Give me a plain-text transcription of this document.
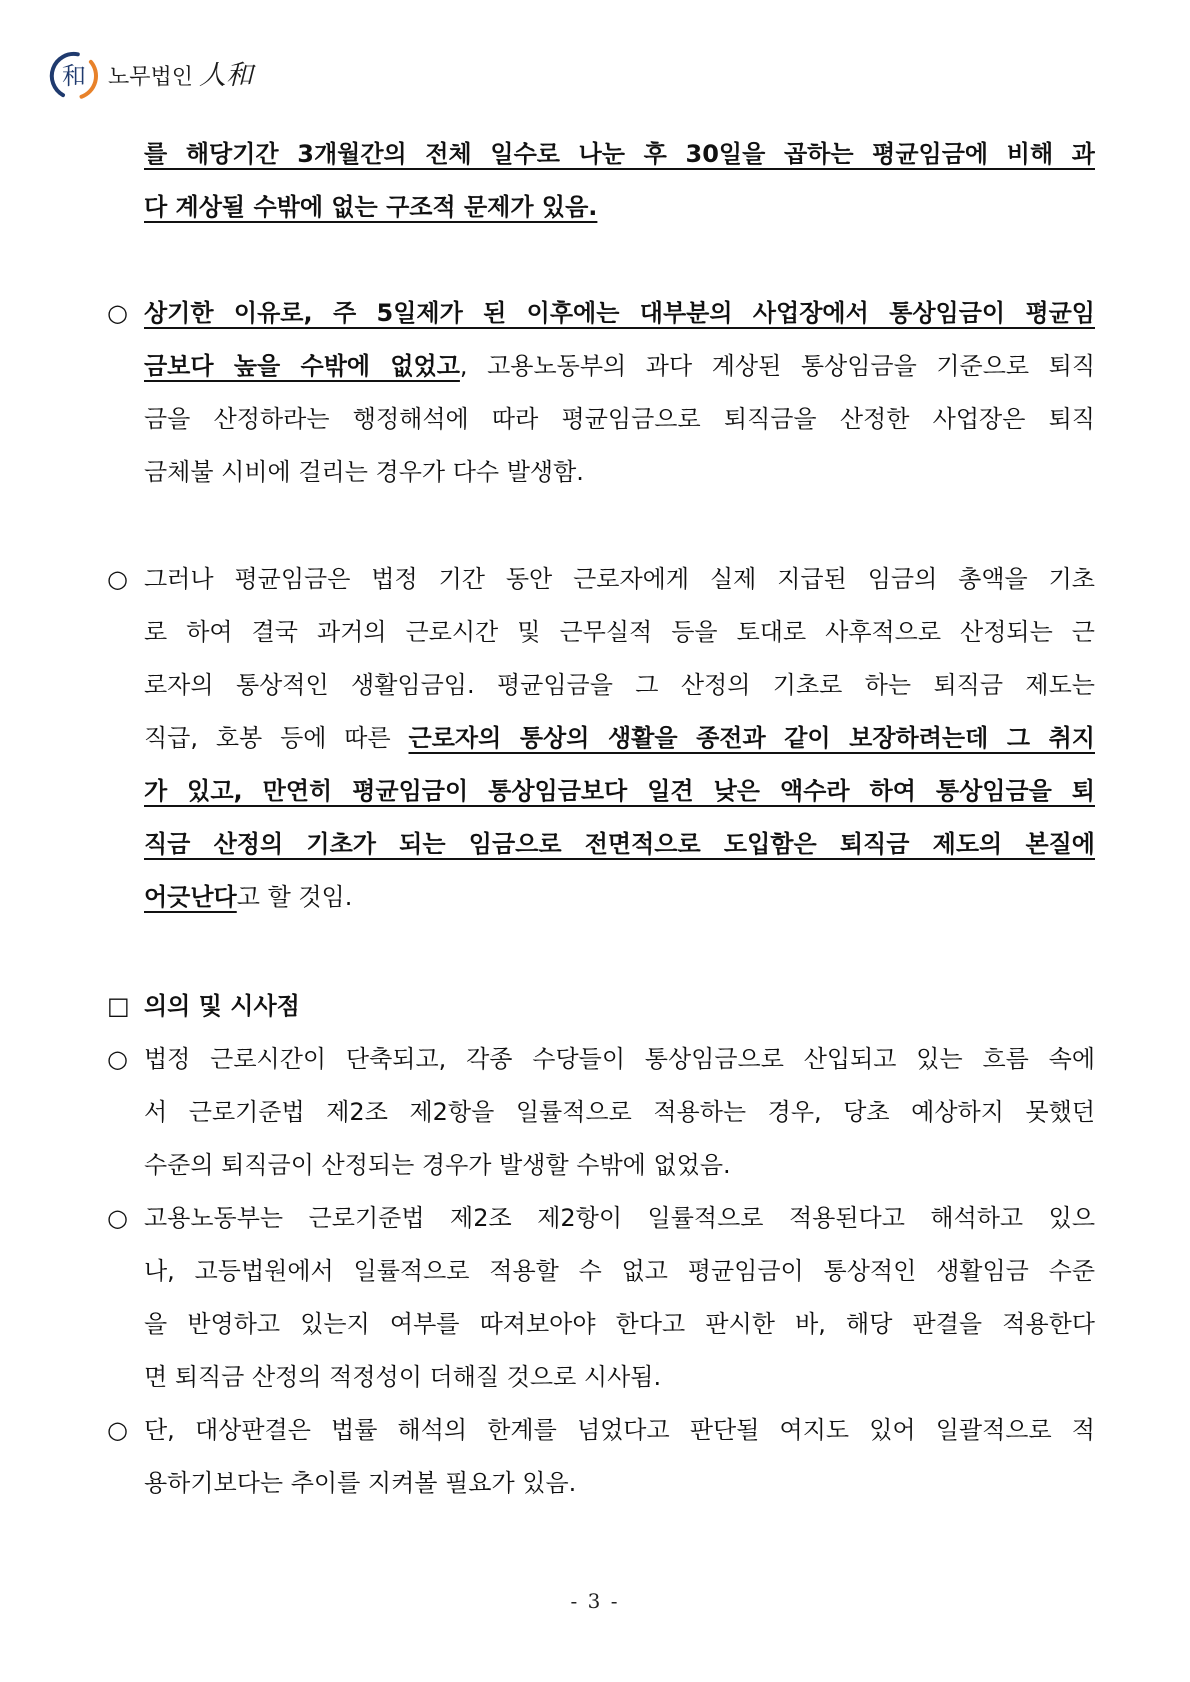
和 노무법인 人和
를 해당기간 3개월간의 전체 일수로 나눈 후 30일을 곱하는 평균임금에 비해 과
다 계상될 수밖에 없는 구조적 문제가 있음.
○ 상기한 이유로, 주 5일제가 된 이후에는 대부분의 사업장에서 통상임금이 평균임
금보다 높을 수밖에 없었고, 고용노동부의 과다 계상된 통상임금을 기준으로 퇴직
금을 산정하라는 행정해석에 따라 평균임금으로 퇴직금을 산정한 사업장은 퇴직
금체불 시비에 걸리는 경우가 다수 발생함.
○ 그러나 평균임금은 법정 기간 동안 근로자에게 실제 지급된 임금의 총액을 기초
로 하여 결국 과거의 근로시간 및 근무실적 등을 토대로 사후적으로 산정되는 근
로자의 통상적인 생활임금임. 평균임금을 그 산정의 기초로 하는 퇴직금 제도는
직급, 호봉 등에 따른 근로자의 통상의 생활을 종전과 같이 보장하려는데 그 취지
가 있고, 만연히 평균임금이 통상임금보다 일견 낮은 액수라 하여 통상임금을 퇴
직금 산정의 기초가 되는 임금으로 전면적으로 도입함은 퇴직금 제도의 본질에
어긋난다고 할 것임.
□ 의의 및 시사점
○ 법정 근로시간이 단축되고, 각종 수당들이 통상임금으로 산입되고 있는 흐름 속에
서 근로기준법 제2조 제2항을 일률적으로 적용하는 경우, 당초 예상하지 못했던
수준의 퇴직금이 산정되는 경우가 발생할 수밖에 없었음.
○ 고용노동부는 근로기준법 제2조 제2항이 일률적으로 적용된다고 해석하고 있으
나, 고등법원에서 일률적으로 적용할 수 없고 평균임금이 통상적인 생활임금 수준
을 반영하고 있는지 여부를 따져보아야 한다고 판시한 바, 해당 판결을 적용한다
면 퇴직금 산정의 적정성이 더해질 것으로 시사됨.
○ 단, 대상판결은 법률 해석의 한계를 넘었다고 판단될 여지도 있어 일괄적으로 적
용하기보다는 추이를 지켜볼 필요가 있음.
- 3 -
